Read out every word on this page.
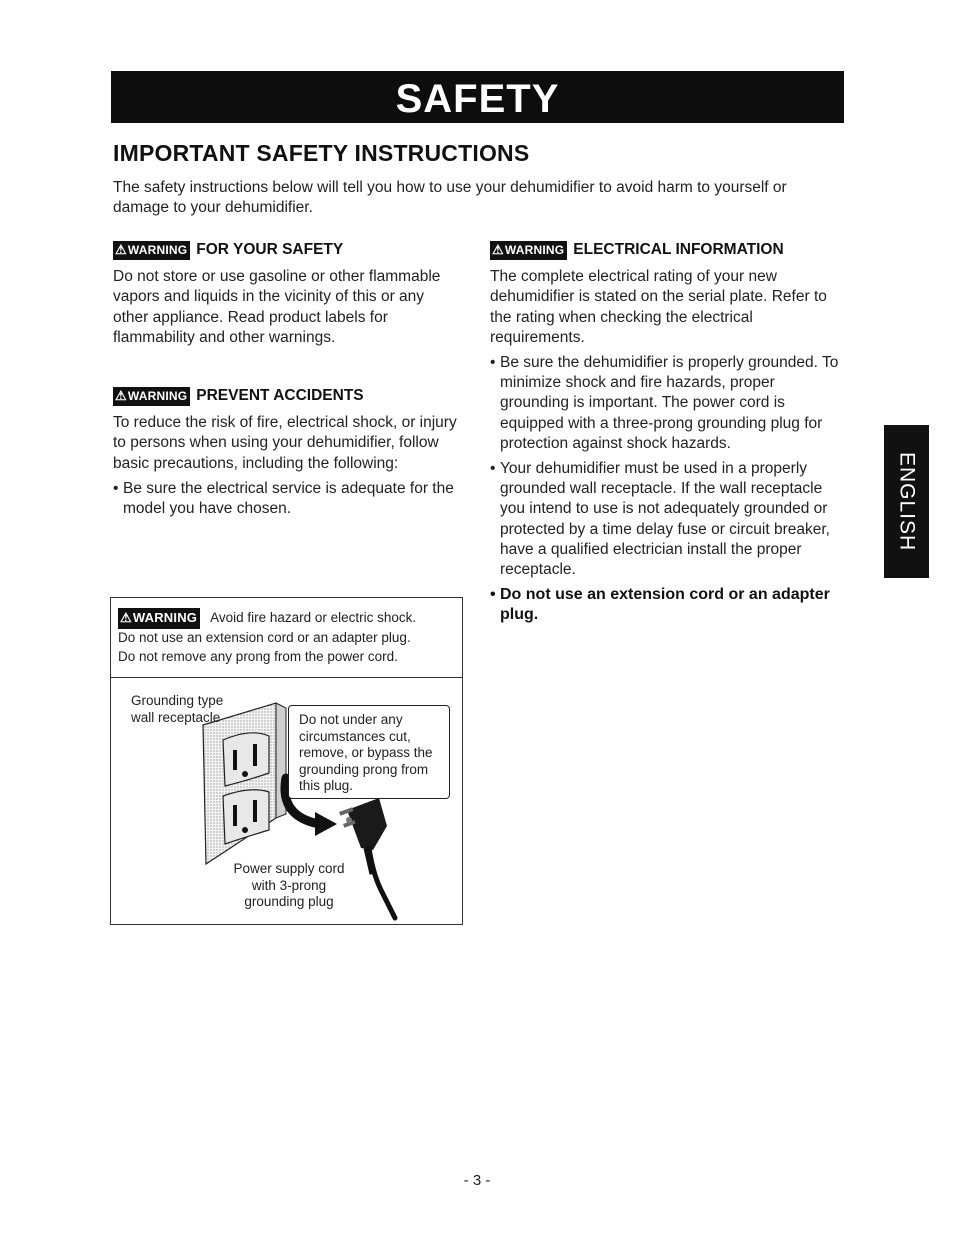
SAFETY
IMPORTANT SAFETY INSTRUCTIONS
The safety instructions below will tell you how to use your dehumidifier to avoid harm to yourself or damage to your dehumidifier.
⚠ WARNING FOR YOUR SAFETY

Do not store or use gasoline or other flammable vapors and liquids in the vicinity of this or any other appliance. Read product labels for flammability and other warnings.

⚠ WARNING PREVENT ACCIDENTS

To reduce the risk of fire, electrical shock, or injury to persons when using your dehumidifier, follow basic precautions, including the following:

• Be sure the electrical service is adequate for the model you have chosen.
⚠ WARNING ELECTRICAL INFORMATION

The complete electrical rating of your new dehumidifier is stated on the serial plate. Refer to the rating when checking the electrical requirements.

• Be sure the dehumidifier is properly grounded. To minimize shock and fire hazards, proper grounding is important. The power cord is equipped with a three-prong grounding plug for protection against shock hazards.
• Your dehumidifier must be used in a properly grounded wall receptacle. If the wall receptacle you intend to use is not adequately grounded or protected by a time delay fuse or circuit breaker, have a qualified electrician install the proper receptacle.
• Do not use an extension cord or an adapter plug.
⚠ WARNING Avoid fire hazard or electric shock.
Do not use an extension cord or an adapter plug.
Do not remove any prong from the power cord.
Grounding type
wall receptacle	Do not under any circumstances cut, remove, or bypass the grounding prong from this plug.
Power supply cord
with 3-prong
grounding plug
ENGLISH
- 3 -
